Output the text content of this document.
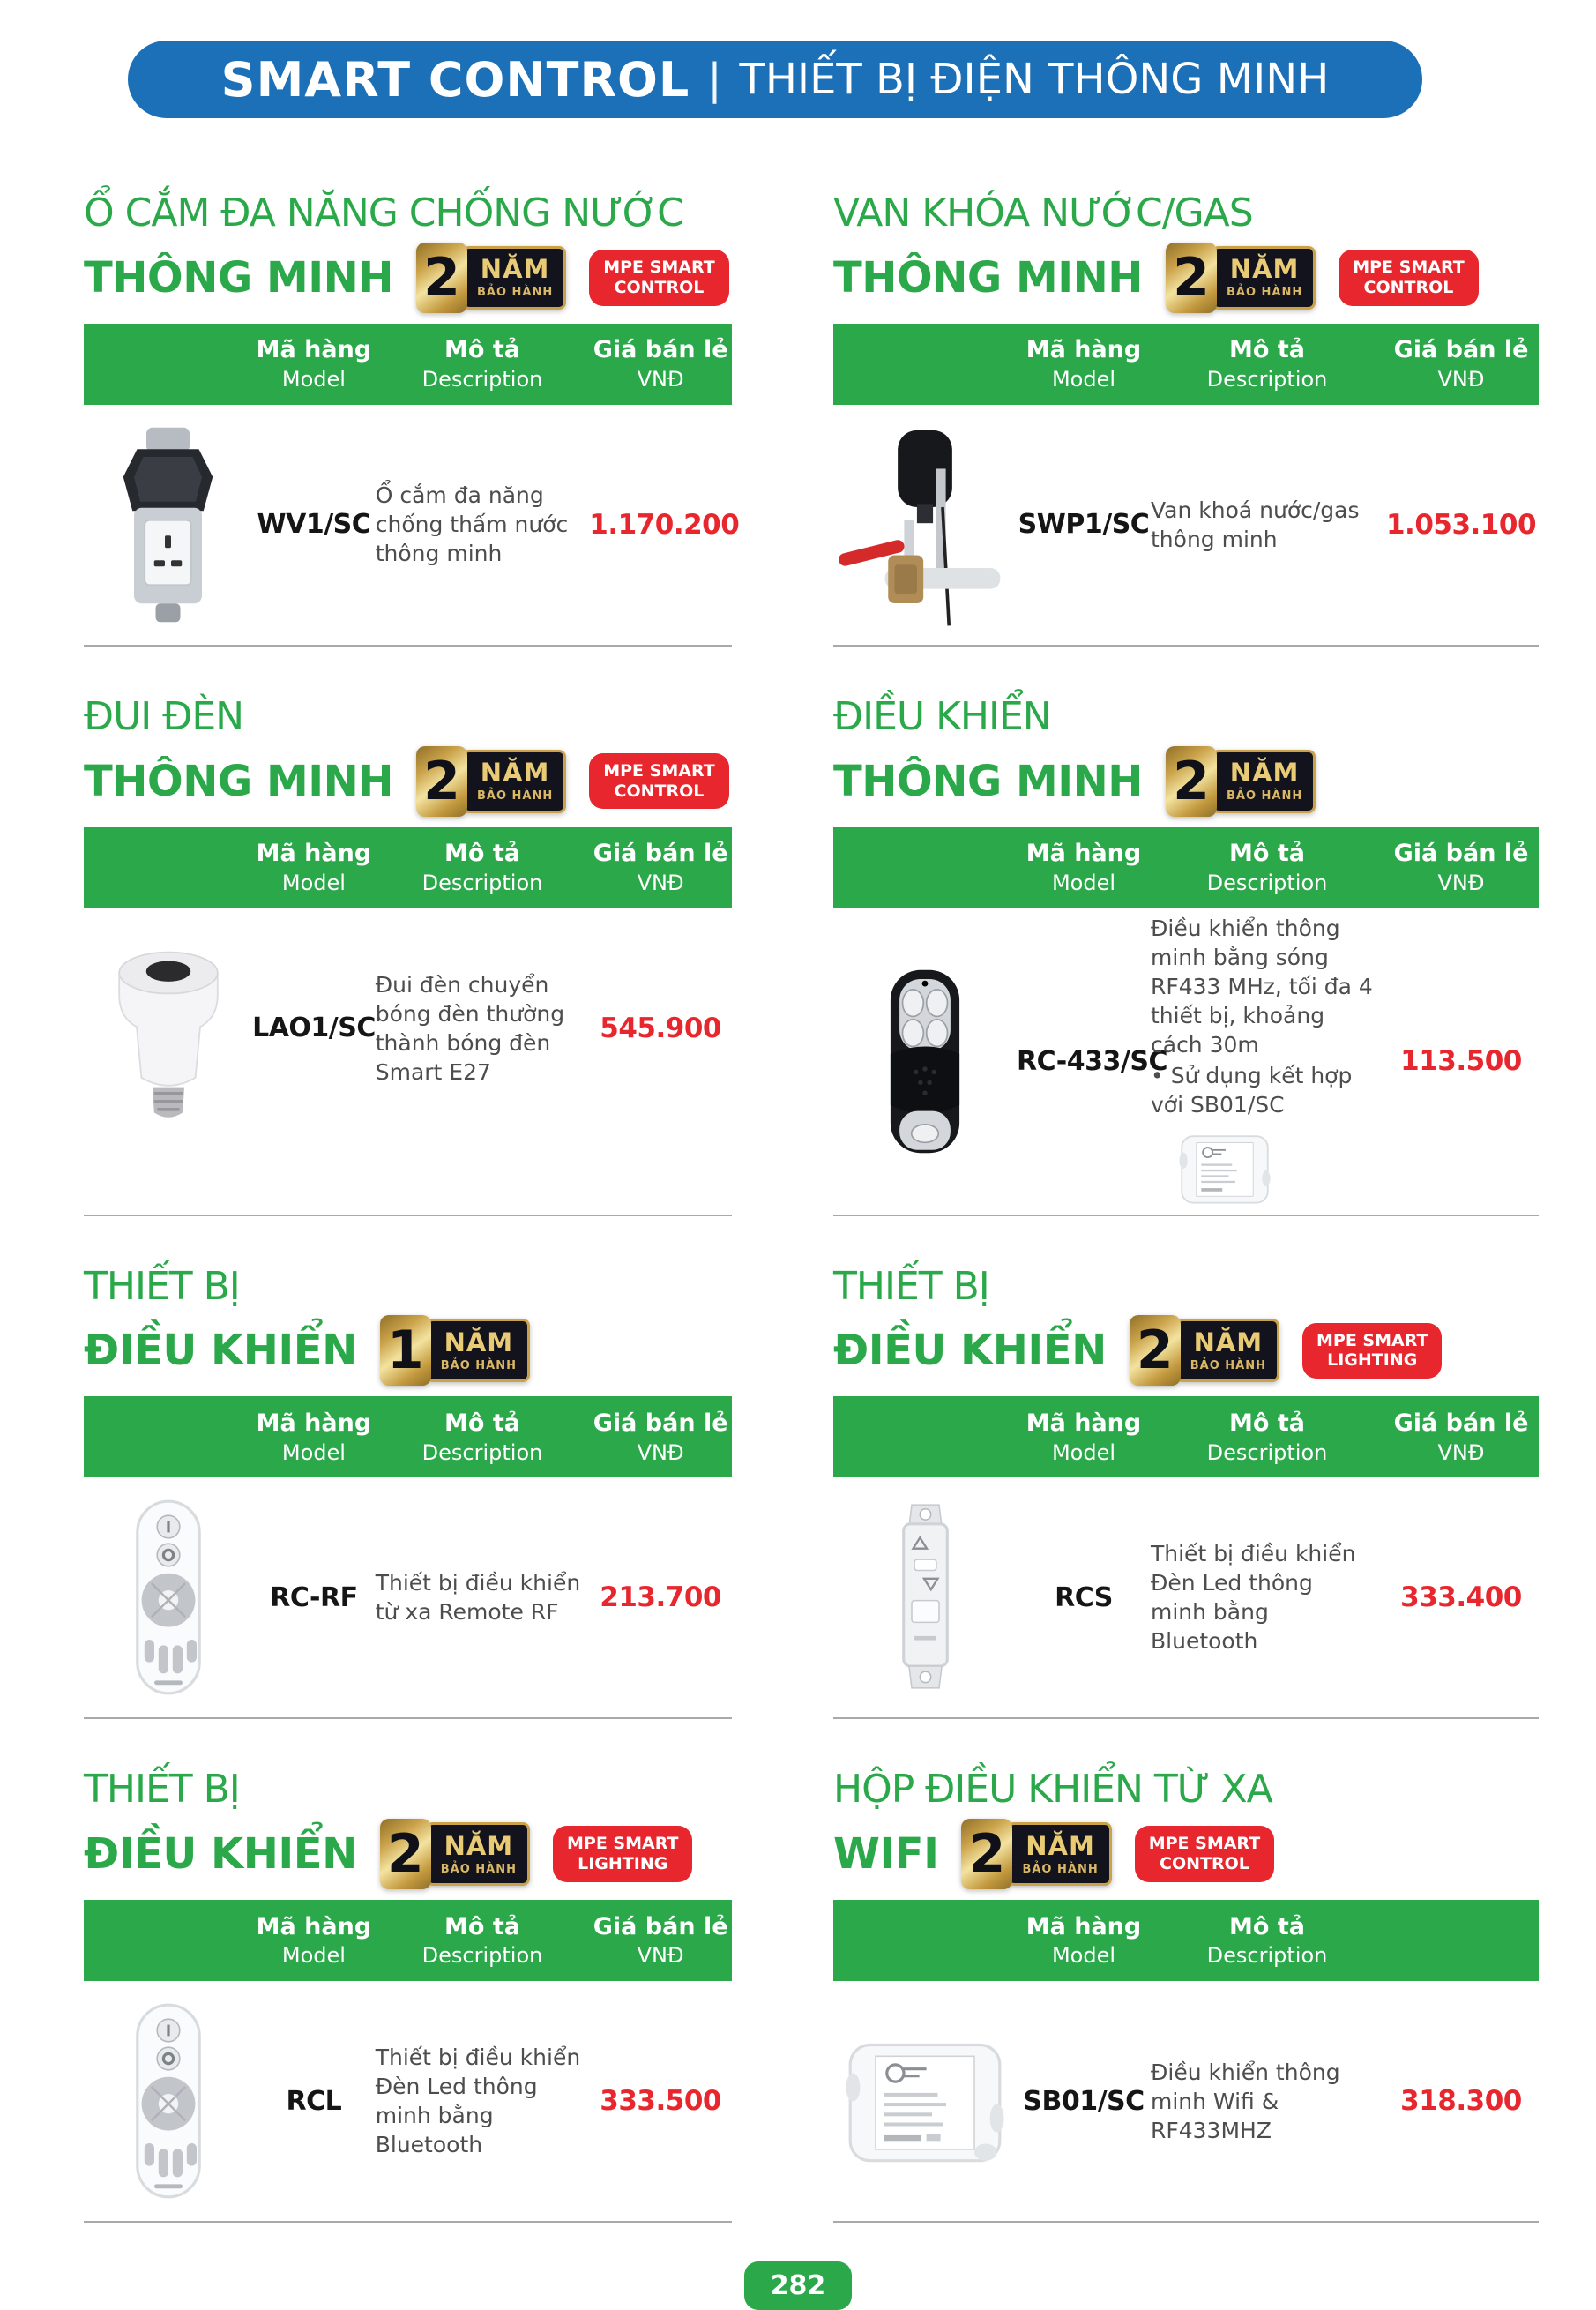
SMART CONTROL | THIẾT BỊ ĐIỆN THÔNG MINH
Ổ CẮM ĐA NĂNG CHỐNG NƯỚC
THÔNG MINH 2 NĂM
BẢO HÀNH
MPE SMART
CONTROL
Mã hàng
Model
Mô tả
Description
Giá bán lẻ
VNĐ
WV1/SC
Ổ cắm đa năng chống thấm nước thông minh
1.170.200
VAN KHÓA NƯỚC/GAS
THÔNG MINH 2 NĂM
BẢO HÀNH
MPE SMART
CONTROL
Mã hàng
Model
Mô tả
Description
Giá bán lẻ
VNĐ
SWP1/SC Van khoá nước/gas thông minh	1.053.100
ĐUI ĐÈN
THÔNG MINH 2 NĂM
BẢO HÀNH
MPE SMART
CONTROL
Mã hàng
Model
Mô tả
Description
Giá bán lẻ
VNĐ
LAO1/SC
Đui đèn chuyển bóng đèn thường thành bóng đèn Smart E27
545.900
ĐIỀU KHIỂN
THÔNG MINH 2 NĂM
BẢO HÀNH
Mã hàng
Model
Mô tả
Description
Giá bán lẻ
VNĐ
RC-433/SC
Điều khiển thông minh bằng sóng RF433 MHz, tối đa 4 thiết bị, khoảng cách 30m
• Sử dụng kết hợp với SB01/SC
113.500
THIẾT BỊ
ĐIỀU KHIỂN 1 NĂM
BẢO HÀNH
Mã hàng
Model
Mô tả
Description
Giá bán lẻ
VNĐ
RC-RF Thiết bị điều khiển từ xa Remote RF	213.700
THIẾT BỊ
ĐIỀU KHIỂN 2 NĂM
BẢO HÀNH
MPE SMART
LIGHTING
Mã hàng
Model
Mô tả
Description
Giá bán lẻ
VNĐ
RCS
Thiết bị điều khiển Đèn Led thông minh bằng Bluetooth
333.400
THIẾT BỊ
ĐIỀU KHIỂN 2 NĂM
BẢO HÀNH
MPE SMART
LIGHTING
Mã hàng
Model
Mô tả
Description
Giá bán lẻ
VNĐ
RCL
Thiết bị điều khiển Đèn Led thông minh bằng Bluetooth
333.500
HỘP ĐIỀU KHIỂN TỪ XA
WIFI 2 NĂM
BẢO HÀNH
MPE SMART
CONTROL
Mã hàng
Model
Mô tả
Description
SB01/SC
Điều khiển thông minh Wifi & RF433MHZ
318.300
282
